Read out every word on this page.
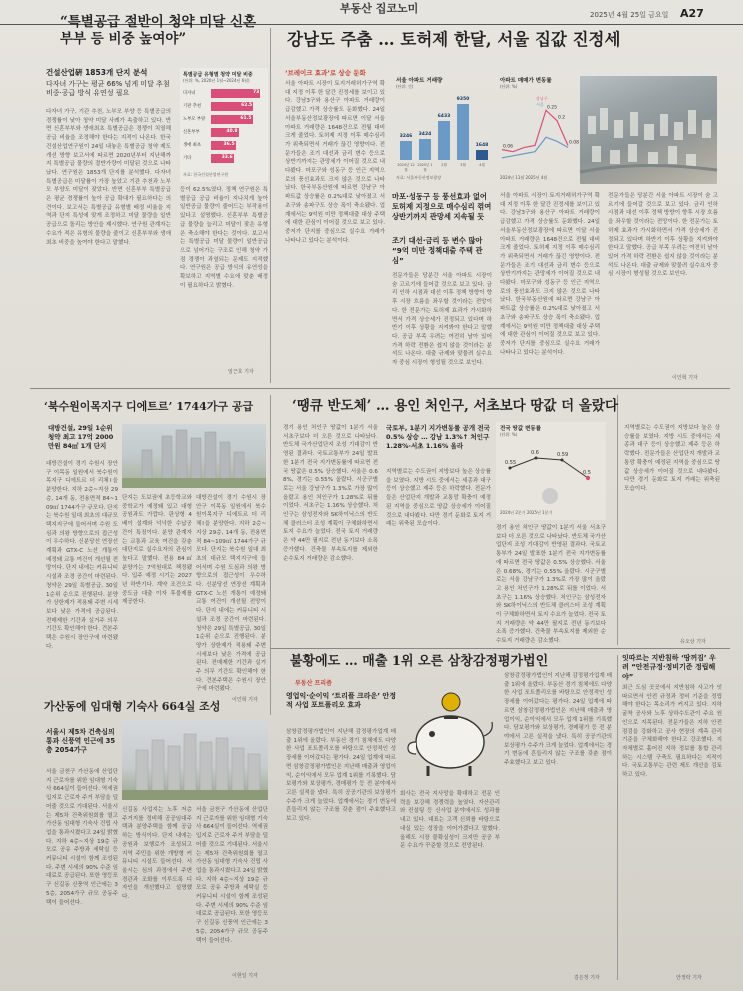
부동산 집코노미	2025년 4월 25일 금요일 A27
“특별공급 절반이 청약 미달 신혼부부 등 비중 높여야”
건설산업硏 1853개 단지 분석
다자녀 가구는 평균 66% 넘게 미달 추첨 비중·공급 방식 유연성 필요
다자녀 가구, 기관 추천, 노부모 부양 등 특별공급의 경쟁률이 낮아 청약 미달 사례가 속출하고 있다. 반면 신혼부부와 생애최초 특별공급은 경쟁이 치열해 공급 비율을 조정해야 한다는 지적이 나온다. 한국건설산업연구원이 24일 내놓은 특별공급 청약 제도 개선 방향 보고서에 따르면 2020년부터 지난해까지 특별공급 물량의 절반가량이 미달된 것으로 나타났다. 연구원은 1853개 단지를 분석했다. 다자녀 특별공급은 미달률이 가장 높았고 기관 추천과 노부모 부양도 미달이 잦았다. 반면 신혼부부 특별공급은 평균 경쟁률이 높아 공급 확대가 필요하다는 의견이다. 보고서는 특별공급 유형별 배정 비율을 지역과 단지 특성에 맞게 조정하고 미달 물량을 일반공급으로 돌리는 방안을 제시했다. 연구원 관계자는 수요가 적은 유형의 물량을 줄이고 신혼부부와 생애최초 비중을 높여야 한다고 말했다.
특별공급 유형별 청약 미달 비중
(단위: %, 2020년 1월~2024년 6월)
다자녀	73
기관 추천	62.5
노부모 부양	61.5
신혼부부	40.8
생애 최초	36.5
기타	33.6
자료: 한국건설산업연구원
등이 62.5%였다. 정책 연구원은 특별공급 공급 비율이 지나치게 높아 일반공급 물량이 줄어드는 부작용이 있다고 설명했다. 신혼부부 특별공급 물량을 늘리고 미달이 잦은 유형은 축소해야 한다는 것이다. 보고서는 특별공급 미달 물량이 일반공급으로 넘어가는 구조로 인해 청약 가점 경쟁이 과열되는 문제도 지적했다. 연구원은 공급 방식의 유연성을 확보하고 지역별 수요에 맞춘 배정이 필요하다고 밝혔다.
임근호 기자
강남도 주춤 … 토허제 한달, 서울 집값 진정세
‘브레이크 효과’로 상승 둔화
서울 아파트 시장이 토지거래허가구역 확대 지정 이후 한 달간 진정세를 보이고 있다. 강남3구와 용산구 아파트 거래량이 급감했고 가격 상승률도 둔화했다. 24일 서울부동산정보광장에 따르면 이달 서울 아파트 거래량은 1648건으로 전월 대비 크게 줄었다. 토허제 지정 이후 매수심리가 위축되면서 거래가 끊긴 영향이다. 전문가들은 조기 대선과 금리 변수 등으로 상반기까지는 관망세가 이어질 것으로 내다봤다. 마포구와 성동구 등 인근 지역으로의 풍선효과도 크지 않은 것으로 나타났다. 한국부동산원에 따르면 강남구 아파트값 상승률은 0.2%대로 낮아졌고 서초구와 송파구도 상승 폭이 축소됐다. 업계에서는 9억원 미만 정책대출 대상 주택에 대한 관심이 이어질 것으로 보고 있다. 중저가 단지를 중심으로 실수요 거래가 나타나고 있다는 분석이다.
서울 아파트 거래량
(단위: 건)
3246
2024년 12월
3424
2025년 1월
6433
2월
9350
3월
1648
4월
자료: 서울부동산정보광장
아파트 매매가 변동률
(단위: %)
0.06
0.25
0.2
0.08
강남구
서울
2024년 11월 2025년 4월
마포·성동구 등 풍선효과 없어 토허제 지정으로 매수심리 꺾여 상반기까지 관망세 지속될 듯
조기 대선·금리 등 변수 많아 “9억 미만 정책대출 주택 관심”
전문가들은 당분간 서울 아파트 시장이 숨 고르기에 들어갈 것으로 보고 있다. 금리 인하 시점과 대선 이후 정책 방향이 향후 시장 흐름을 좌우할 것이라는 전망이다. 한 전문가는 토허제 효과가 가시화하면서 가격 상승세가 진정되고 있다며 하반기 이후 상황을 지켜봐야 한다고 말했다. 공급 부족 우려는 여전히 남아 있어 가격 하락 전환은 쉽지 않을 것이라는 분석도 나온다. 대출 규제와 맞물려 실수요자 중심 시장이 형성될 것으로 보인다.
서울 아파트 시장이 토지거래허가구역 확대 지정 이후 한 달간 진정세를 보이고 있다. 강남3구와 용산구 아파트 거래량이 급감했고 가격 상승률도 둔화했다. 24일 서울부동산정보광장에 따르면 이달 서울 아파트 거래량은 1648건으로 전월 대비 크게 줄었다. 토허제 지정 이후 매수심리가 위축되면서 거래가 끊긴 영향이다. 전문가들은 조기 대선과 금리 변수 등으로 상반기까지는 관망세가 이어질 것으로 내다봤다. 마포구와 성동구 등 인근 지역으로의 풍선효과도 크지 않은 것으로 나타났다. 한국부동산원에 따르면 강남구 아파트값 상승률은 0.2%대로 낮아졌고 서초구와 송파구도 상승 폭이 축소됐다. 업계에서는 9억원 미만 정책대출 대상 주택에 대한 관심이 이어질 것으로 보고 있다. 중저가 단지를 중심으로 실수요 거래가 나타나고 있다는 분석이다.
전문가들은 당분간 서울 아파트 시장이 숨 고르기에 들어갈 것으로 보고 있다. 금리 인하 시점과 대선 이후 정책 방향이 향후 시장 흐름을 좌우할 것이라는 전망이다. 한 전문가는 토허제 효과가 가시화하면서 가격 상승세가 진정되고 있다며 하반기 이후 상황을 지켜봐야 한다고 말했다. 공급 부족 우려는 여전히 남아 있어 가격 하락 전환은 쉽지 않을 것이라는 분석도 나온다. 대출 규제와 맞물려 실수요자 중심 시장이 형성될 것으로 보인다.
이인혁 기자
‘북수원이목지구 디에트르’ 1744가구 공급
대방건설, 29일 1순위 청약 최고 17억 2000만원 84㎡ 1개 단지
대방건설이 경기 수원시 장안구 이목동 일원에서 북수원이목지구 디에트르 더 리체Ⅰ을 분양한다. 지하 2층~지상 29층, 14개 동, 전용면적 84~109㎡ 1744가구 규모다. 단지는 북수원 일대 최초의 대규모 택지지구에 들어서며 수원 도심과 의왕 방향으로의 접근성이 우수하다. 신분당선 연장선 계획과 GTX-C 노선 개통이 예정돼 교통 여건이 개선될 전망이다. 단지 내에는 커뮤니티 시설과 조경 공간이 마련된다. 청약은 29일 특별공급, 30일 1순위 순으로 진행된다. 분양가 상한제가 적용돼 주변 시세보다 낮은 가격에 공급된다. 전매제한 기간과 실거주 의무 기간도 확인해야 한다. 견본주택은 수원시 장안구에 마련됐다.
단지는 도보권에 초등학교와 중학교가 예정돼 있고 대형 공원과도 가깝다. 판상형 4베이 설계와 넉넉한 수납공간이 특징이다. 분양 관계자는 교통과 교육 여건을 갖춘 대단지로 실수요자의 관심이 높다고 말했다. 전용 84㎡ 분양가는 7억원대로 책정됐다. 입주 예정 시기는 2027년 하반기다. 계약 조건으로 중도금 대출 이자 후불제를 제공한다.
대방건설이 경기 수원시 장안구 이목동 일원에서 북수원이목지구 디에트르 더 리체Ⅰ을 분양한다. 지하 2층~지상 29층, 14개 동, 전용면적 84~109㎡ 1744가구 규모다. 단지는 북수원 일대 최초의 대규모 택지지구에 들어서며 수원 도심과 의왕 방향으로의 접근성이 우수하다. 신분당선 연장선 계획과 GTX-C 노선 개통이 예정돼 교통 여건이 개선될 전망이다. 단지 내에는 커뮤니티 시설과 조경 공간이 마련된다. 청약은 29일 특별공급, 30일 1순위 순으로 진행된다. 분양가 상한제가 적용돼 주변 시세보다 낮은 가격에 공급된다. 전매제한 기간과 실거주 의무 기간도 확인해야 한다. 견본주택은 수원시 장안구에 마련됐다.
이인혁 기자
‘땡큐 반도체’ … 용인 처인구, 서초보다 땅값 더 올랐다
경기 용인 처인구 땅값이 1분기 서울 서초구보다 더 오른 것으로 나타났다. 반도체 국가산업단지 조성 기대감이 반영된 결과다. 국토교통부가 24일 발표한 1분기 전국 지가변동률에 따르면 전국 땅값은 0.5% 상승했다. 서울은 0.68%, 경기는 0.55% 올랐다. 시군구별로는 서울 강남구가 1.3%로 가장 많이 올랐고 용인 처인구가 1.28%로 뒤를 이었다. 서초구는 1.16% 상승했다. 처인구는 삼성전자와 SK하이닉스의 반도체 클러스터 조성 계획이 구체화하면서 토지 수요가 늘었다. 전국 토지 거래량은 약 44만 필지로 전년 동기보다 소폭 증가했다. 건축물 부속토지를 제외한 순수토지 거래량은 감소했다.
국토부, 1분기 지가변동률 공개 전국 0.5% 상승 … 강남 1.3%↑ 처인구 1.28%·서초 1.16% 올라
전국 땅값 변동률
(단위: %)
0.55
0.6	0.59
0.5
2024년 2분기 2025년 1분기
지역별로는 수도권이 지방보다 높은 상승률을 보였다. 지방 시도 중에서는 세종과 대구 등이 상승했고 제주 등은 하락했다. 전문가들은 산업단지 개발과 교통망 확충이 예정된 지역을 중심으로 땅값 상승세가 이어질 것으로 내다봤다. 다만 경기 둔화로 토지 거래는 위축된 모습이다.
경기 용인 처인구 땅값이 1분기 서울 서초구보다 더 오른 것으로 나타났다. 반도체 국가산업단지 조성 기대감이 반영된 결과다. 국토교통부가 24일 발표한 1분기 전국 지가변동률에 따르면 전국 땅값은 0.5% 상승했다. 서울은 0.68%, 경기는 0.55% 올랐다. 시군구별로는 서울 강남구가 1.3%로 가장 많이 올랐고 용인 처인구가 1.28%로 뒤를 이었다. 서초구는 1.16% 상승했다. 처인구는 삼성전자와 SK하이닉스의 반도체 클러스터 조성 계획이 구체화하면서 토지 수요가 늘었다. 전국 토지 거래량은 약 44만 필지로 전년 동기보다 소폭 증가했다. 건축물 부속토지를 제외한 순수토지 거래량은 감소했다.
지역별로는 수도권이 지방보다 높은 상승률을 보였다. 지방 시도 중에서는 세종과 대구 등이 상승했고 제주 등은 하락했다. 전문가들은 산업단지 개발과 교통망 확충이 예정된 지역을 중심으로 땅값 상승세가 이어질 것으로 내다봤다. 다만 경기 둔화로 토지 거래는 위축된 모습이다.
유오상 기자
가산동에 임대형 기숙사 664실 조성
서울시 제5차 건축심의 통과 신풍역 인근에 35층 2054가구
서울 금천구 가산동에 산업단지 근로자를 위한 임대형 기숙사 664실이 들어선다. 역세권 입지로 근로자 주거 부담을 덜어줄 것으로 기대된다. 서울시는 제5차 건축위원회를 열고 가산동 임대형 기숙사 건립 사업을 통과시켰다고 24일 밝혔다. 지하 4층~지상 19층 규모로 공유 주방과 세탁실 등 커뮤니티 시설이 함께 조성된다. 주변 시세의 90% 수준 임대료로 공급된다. 또한 영등포구 신길동 신풍역 인근에는 35층, 2054가구 규모 공동주택이 들어선다.
신길동 사업지는 노후 저층 주거지를 정비해 공공임대주택과 분양주택을 함께 공급하는 방식이다. 단지 내에는 공원과 보행로가 조성되고 지역 주민을 위한 개방형 커뮤니티 시설도 들어선다. 서울시는 심의 과정에서 주변 경관과 조화를 이루도록 디자인을 개선했다고 설명했다.
서울 금천구 가산동에 산업단지 근로자를 위한 임대형 기숙사 664실이 들어선다. 역세권 입지로 근로자 주거 부담을 덜어줄 것으로 기대된다. 서울시는 제5차 건축위원회를 열고 가산동 임대형 기숙사 건립 사업을 통과시켰다고 24일 밝혔다. 지하 4층~지상 19층 규모로 공유 주방과 세탁실 등 커뮤니티 시설이 함께 조성된다. 주변 시세의 90% 수준 임대료로 공급된다. 또한 영등포구 신길동 신풍역 인근에는 35층, 2054가구 규모 공동주택이 들어선다.
이현일 기자
불황에도 … 매출 1위 오른 삼창감정평가법인
부동산 프리즘
영업익·순이익 ‘트리플 크라운’ 안정적 사업 포트폴리오 효과
삼창감정평가법인이 지난해 감정평가업계 매출 1위에 올랐다. 부동산 경기 침체에도 다양한 사업 포트폴리오를 바탕으로 안정적인 성장세를 이어갔다는 평가다. 24일 업계에 따르면 삼창감정평가법인은 지난해 매출과 영업이익, 순이익에서 모두 업계 1위를 기록했다. 담보평가와 보상평가, 경매평가 등 전 분야에서 고른 실적을 냈다. 특히 공공기관의 보상평가 수주가 크게 늘었다. 업계에서는 경기 변동에 흔들리지 않는 구조를 갖춘 점이 주효했다고 보고 있다.
회사는 전국 지사망을 확대하고 전문 인력을 보강해 경쟁력을 높였다. 자산관리와 컨설팅 등 신사업 분야에서도 성과를 내고 있다. 대표는 고객 신뢰를 바탕으로 내실 있는 성장을 이어가겠다고 말했다. 올해도 시장 불확실성이 크지만 공공 부문 수요가 꾸준할 것으로 전망된다.
삼창감정평가법인이 지난해 감정평가업계 매출 1위에 올랐다. 부동산 경기 침체에도 다양한 사업 포트폴리오를 바탕으로 안정적인 성장세를 이어갔다는 평가다. 24일 업계에 따르면 삼창감정평가법인은 지난해 매출과 영업이익, 순이익에서 모두 업계 1위를 기록했다. 담보평가와 보상평가, 경매평가 등 전 분야에서 고른 실적을 냈다. 특히 공공기관의 보상평가 수주가 크게 늘었다. 업계에서는 경기 변동에 흔들리지 않는 구조를 갖춘 점이 주효했다고 보고 있다.
김은정 기자
잇따르는 지반침하 ‘땅꺼짐’ 우려 “안전규정·정비기준 정립해야”
최근 도심 곳곳에서 지반침하 사고가 잇따르면서 안전 규정과 정비 기준을 정립해야 한다는 목소리가 커지고 있다. 지하 굴착 공사와 노후 상하수도관이 주요 원인으로 지목된다. 전문가들은 지하 안전 점검을 강화하고 공사 현장의 계측 관리 기준을 구체화해야 한다고 강조했다. 지자체별로 흩어진 지하 정보를 통합 관리하는 시스템 구축도 필요하다는 지적이다. 국토교통부는 관련 제도 개선을 검토하고 있다.
안정락 기자
